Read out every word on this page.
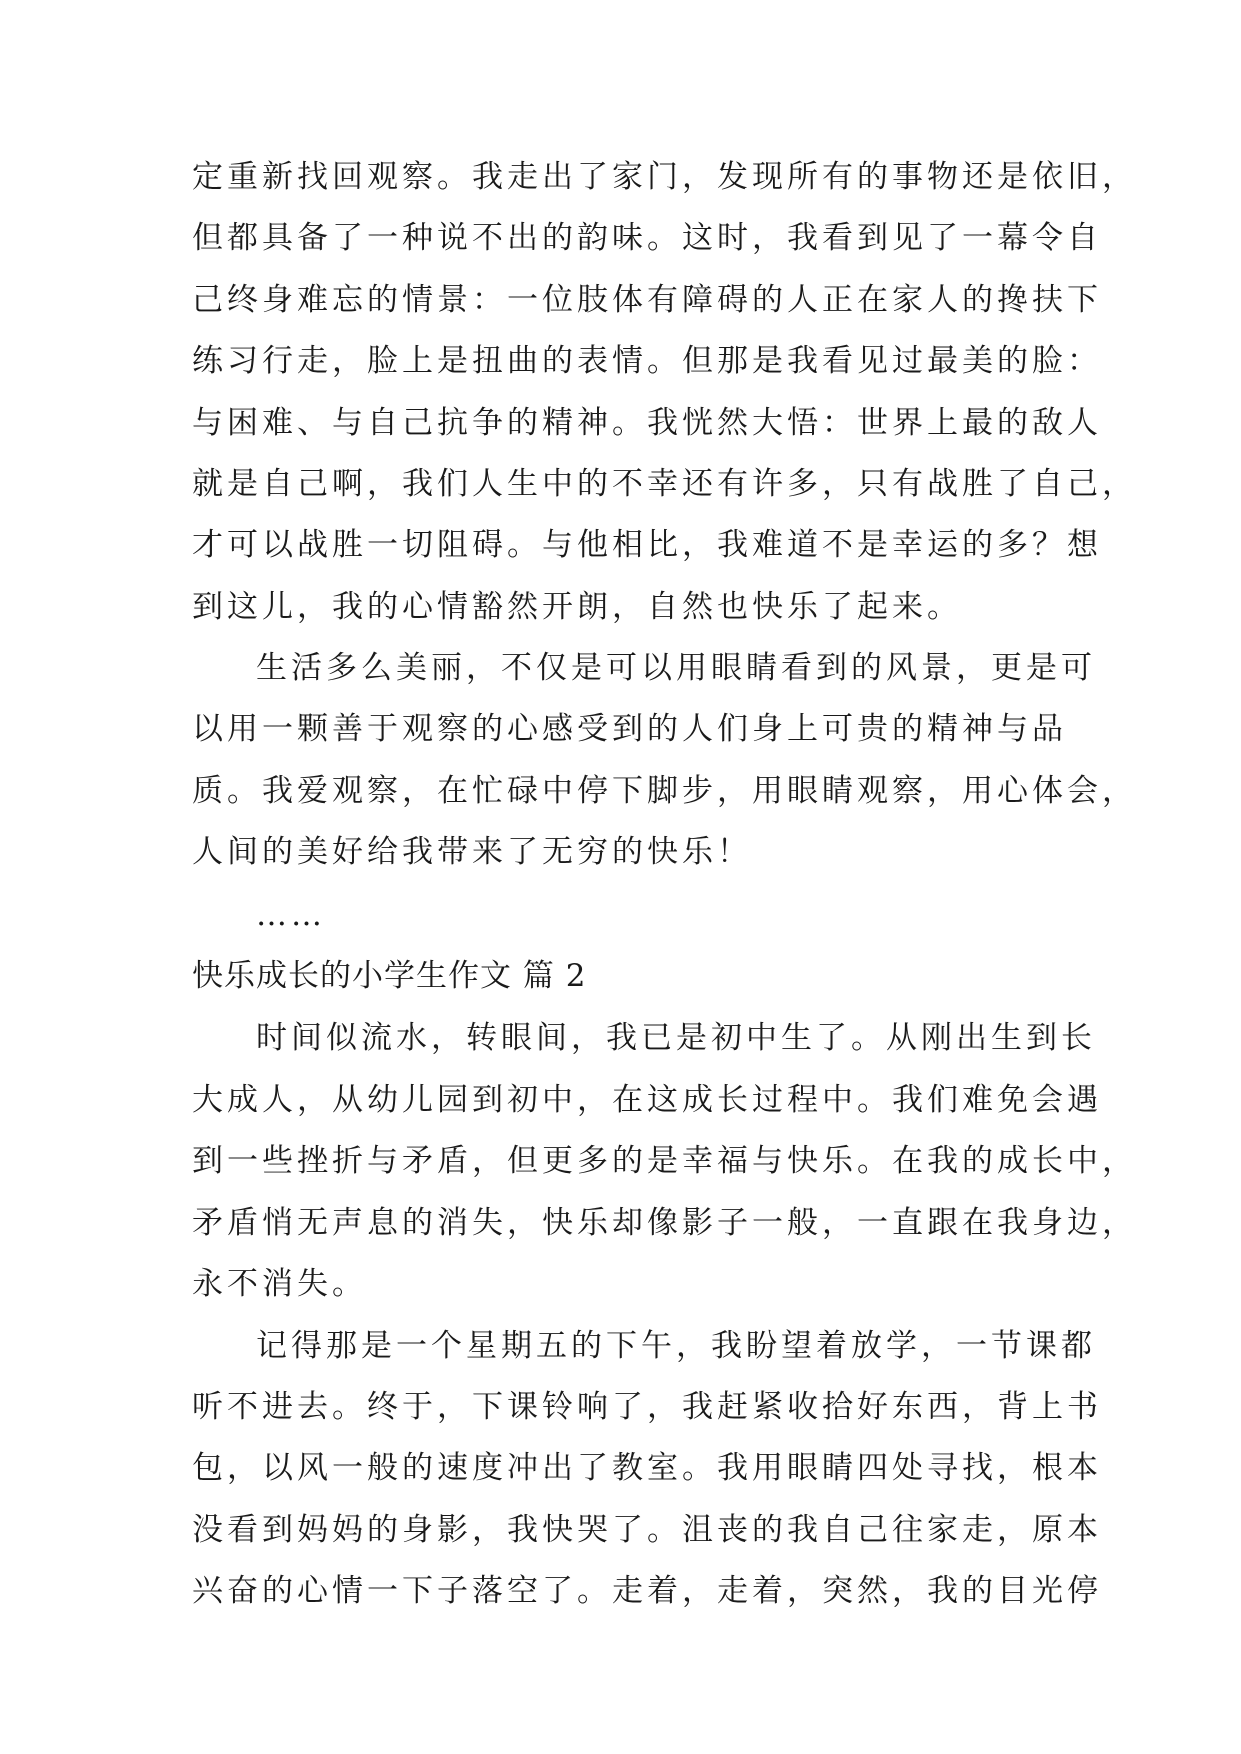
定重新找回观察。我走出了家门，发现所有的事物还是依旧，
但都具备了一种说不出的韵味。这时，我看到见了一幕令自
己终身难忘的情景：一位肢体有障碍的人正在家人的搀扶下
练习行走，脸上是扭曲的表情。但那是我看见过最美的脸：
与困难、与自己抗争的精神。我恍然大悟：世界上最的敌人
就是自己啊，我们人生中的不幸还有许多，只有战胜了自己，
才可以战胜一切阻碍。与他相比，我难道不是幸运的多？想
到这儿，我的心情豁然开朗，自然也快乐了起来。
生活多么美丽，不仅是可以用眼睛看到的风景，更是可
以用一颗善于观察的心感受到的人们身上可贵的精神与品
质。我爱观察，在忙碌中停下脚步，用眼睛观察，用心体会，
人间的美好给我带来了无穷的快乐！
……
快乐成长的小学生作文 篇 2
时间似流水，转眼间，我已是初中生了。从刚出生到长
大成人，从幼儿园到初中，在这成长过程中。我们难免会遇
到一些挫折与矛盾，但更多的是幸福与快乐。在我的成长中，
矛盾悄无声息的消失，快乐却像影子一般，一直跟在我身边，
永不消失。
记得那是一个星期五的下午，我盼望着放学，一节课都
听不进去。终于，下课铃响了，我赶紧收拾好东西，背上书
包，以风一般的速度冲出了教室。我用眼睛四处寻找，根本
没看到妈妈的身影，我快哭了。沮丧的我自己往家走，原本
兴奋的心情一下子落空了。走着，走着，突然，我的目光停
